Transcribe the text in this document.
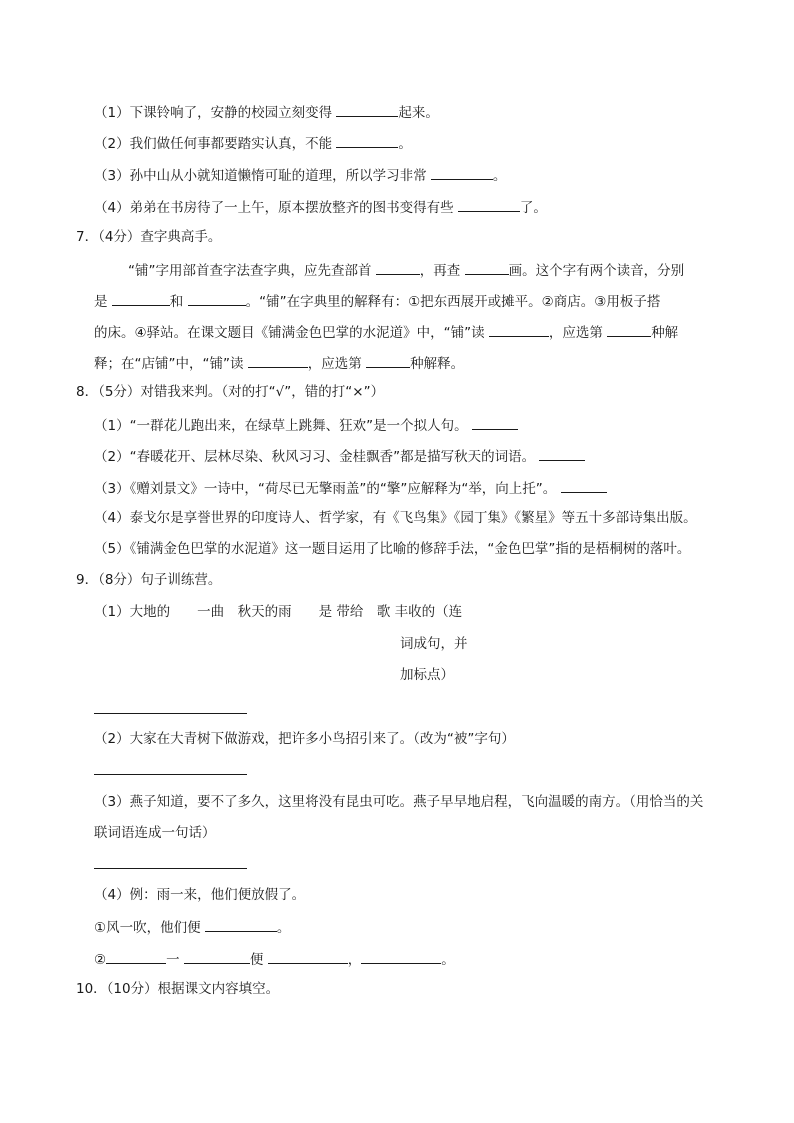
（1）下课铃响了，安静的校园立刻变得	起来。
（2）我们做任何事都要踏实认真，不能	。
（3）孙中山从小就知道懒惰可耻的道理，所以学习非常	。
（4）弟弟在书房待了一上午，原本摆放整齐的图书变得有些	了。
7．（4分）查字典高手。
“铺”字用部首查字法查字典，应先查部首	，再查	画。这个字有两个读音，分别
是	和	。“铺”在字典里的解释有：①把东西展开或摊平。②商店。③用板子搭
的床。④驿站。在课文题目《铺满金色巴掌的水泥道》中，“铺”读	，应选第	种解
释；在“店铺”中，“铺”读	，应选第	种解释。
8．（5分）对错我来判。（对的打“√”，错的打“×”）
（1）“一群花儿跑出来，在绿草上跳舞、狂欢”是一个拟人句。
（2）“春暖花开、层林尽染、秋风习习、金桂飘香”都是描写秋天的词语。
（3）《赠刘景文》一诗中，“荷尽已无擎雨盖”的“擎”应解释为“举，向上托”。
（4）泰戈尔是享誉世界的印度诗人、哲学家，有《飞鸟集》《园丁集》《繁星》等五十多部诗集出版。
（5）《铺满金色巴掌的水泥道》这一题目运用了比喻的修辞手法，“金色巴掌”指的是梧桐树的落叶。
9．（8分）句子训练营。
（1）大地的　　一曲　秋天的雨　　是 带给　歌 丰收的（连
词成句，并
加标点）
（2）大家在大青树下做游戏，把许多小鸟招引来了。（改为“被”字句）
（3）燕子知道，要不了多久，这里将没有昆虫可吃。燕子早早地启程，飞向温暖的南方。（用恰当的关
联词语连成一句话）
（4）例：雨一来，他们便放假了。
①风一吹，他们便	。
②	一	便	，	。
10．（10分）根据课文内容填空。
